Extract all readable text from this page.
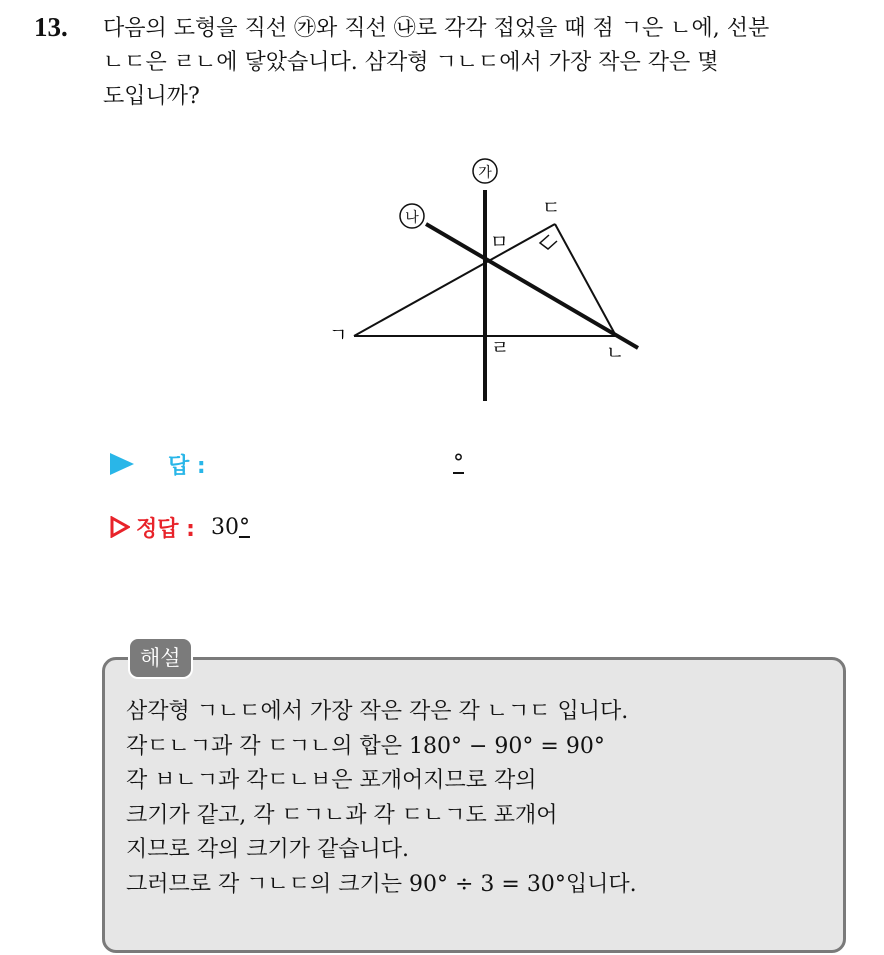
13. 다음의 도형을 직선 ㉮와 직선 ㉯로 각각 접었을 때 점 ㄱ은 ㄴ에, 선분
ㄴㄷ은 ㄹㄴ에 닿았습니다. 삼각형 ㄱㄴㄷ에서 가장 작은 각은 몇
도입니까?
가
나
ㄱ
ㄴ
ㄷ
ㄹ
ㅁ
답 :	°
정답 : 30°
해설
삼각형 ㄱㄴㄷ에서 가장 작은 각은 각 ㄴㄱㄷ 입니다.
각ㄷㄴㄱ과 각 ㄷㄱㄴ의 합은 180° − 90° = 90°
각 ㅂㄴㄱ과 각ㄷㄴㅂ은 포개어지므로 각의
크기가 같고, 각 ㄷㄱㄴ과 각 ㄷㄴㄱ도 포개어
지므로 각의 크기가 같습니다.
그러므로 각 ㄱㄴㄷ의 크기는 90° ÷ 3 = 30°입니다.
